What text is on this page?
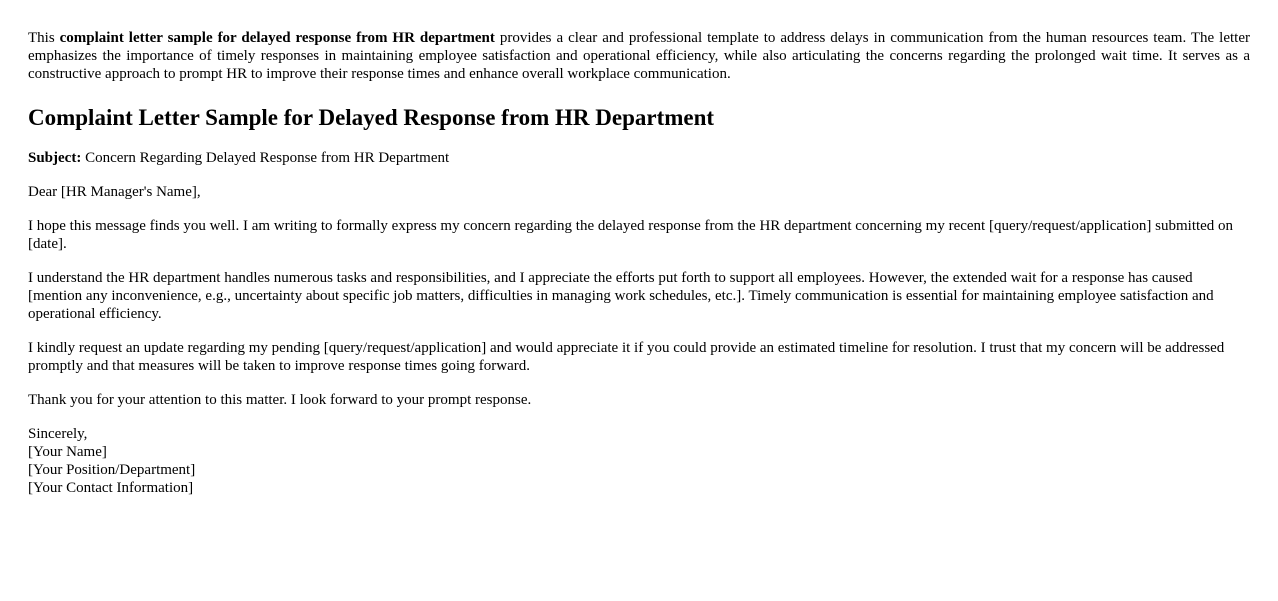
This complaint letter sample for delayed response from HR department provides a clear and professional template to address delays in communication from the human resources team. The letter emphasizes the importance of timely responses in maintaining employee satisfaction and operational efficiency, while also articulating the concerns regarding the prolonged wait time. It serves as a constructive approach to prompt HR to improve their response times and enhance overall workplace communication.

Complaint Letter Sample for Delayed Response from HR Department

Subject: Concern Regarding Delayed Response from HR Department

Dear [HR Manager's Name],

I hope this message finds you well. I am writing to formally express my concern regarding the delayed response from the HR department concerning my recent [query/request/application] submitted on [date].

I understand the HR department handles numerous tasks and responsibilities, and I appreciate the efforts put forth to support all employees. However, the extended wait for a response has caused [mention any inconvenience, e.g., uncertainty about specific job matters, difficulties in managing work schedules, etc.]. Timely communication is essential for maintaining employee satisfaction and operational efficiency.

I kindly request an update regarding my pending [query/request/application] and would appreciate it if you could provide an estimated timeline for resolution. I trust that my concern will be addressed promptly and that measures will be taken to improve response times going forward.

Thank you for your attention to this matter. I look forward to your prompt response.

Sincerely,
[Your Name]
[Your Position/Department]
[Your Contact Information]
